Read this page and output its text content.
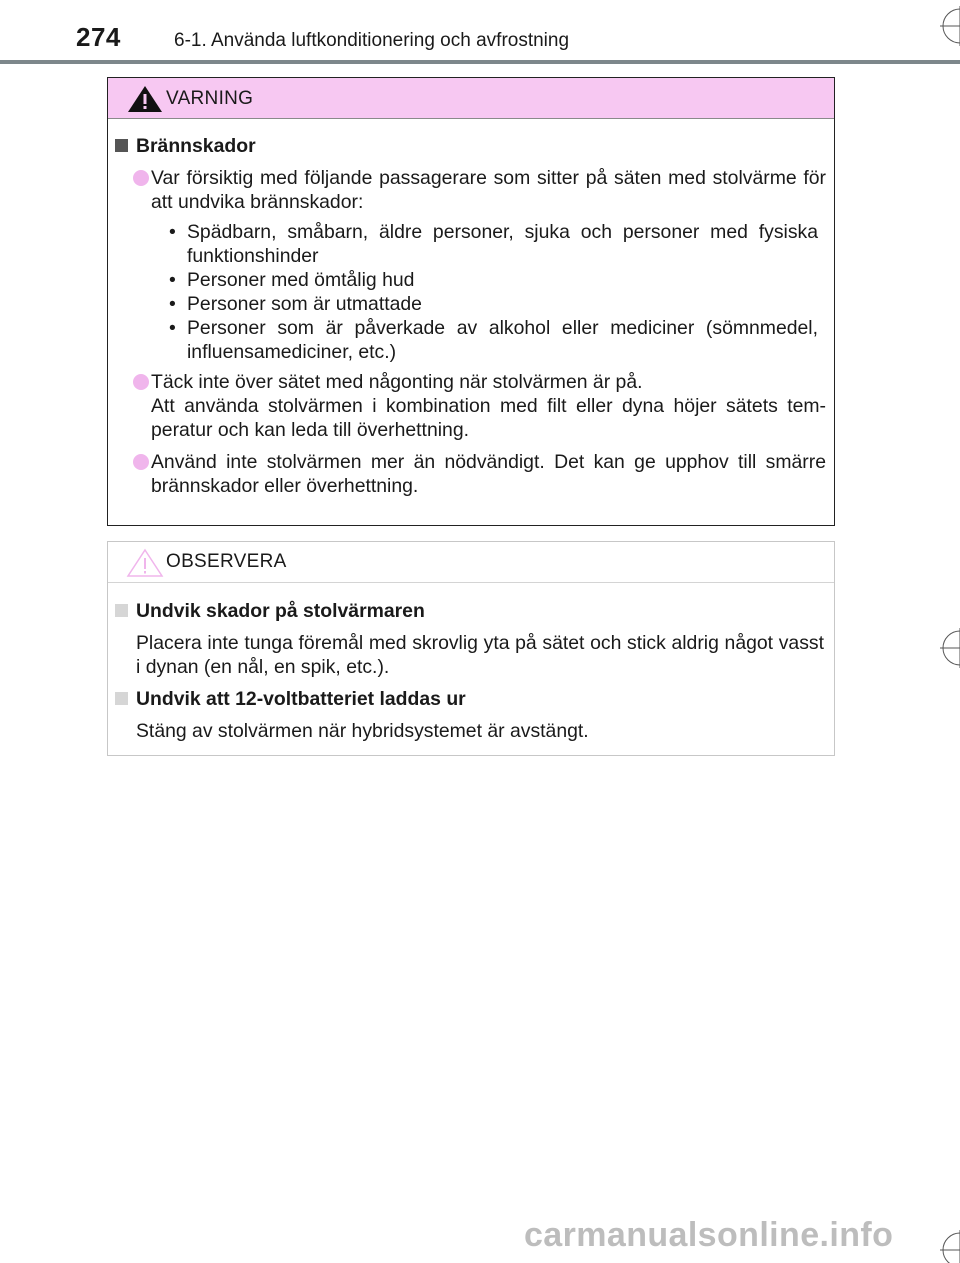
274	6-1. Använda luftkonditionering och avfrostning
VARNING
Brännskador
Var försiktig med följande passagerare som sitter på säten med stolvärme för att undvika brännskador:
• Spädbarn, småbarn, äldre personer, sjuka och personer med fysiska funktionshinder
• Personer med ömtålig hud
• Personer som är utmattade
• Personer som är påverkade av alkohol eller mediciner (sömnmedel, influensamediciner, etc.)
Täck inte över sätet med någonting när stolvärmen är på.
Att använda stolvärmen i kombination med filt eller dyna höjer sätets tem-peratur och kan leda till överhettning.
Använd inte stolvärmen mer än nödvändigt. Det kan ge upphov till smärre brännskador eller överhettning.
OBSERVERA
Undvik skador på stolvärmaren
Placera inte tunga föremål med skrovlig yta på sätet och stick aldrig något vasst i dynan (en nål, en spik, etc.).
Undvik att 12-voltbatteriet laddas ur
Stäng av stolvärmen när hybridsystemet är avstängt.
carmanualsonline.info
